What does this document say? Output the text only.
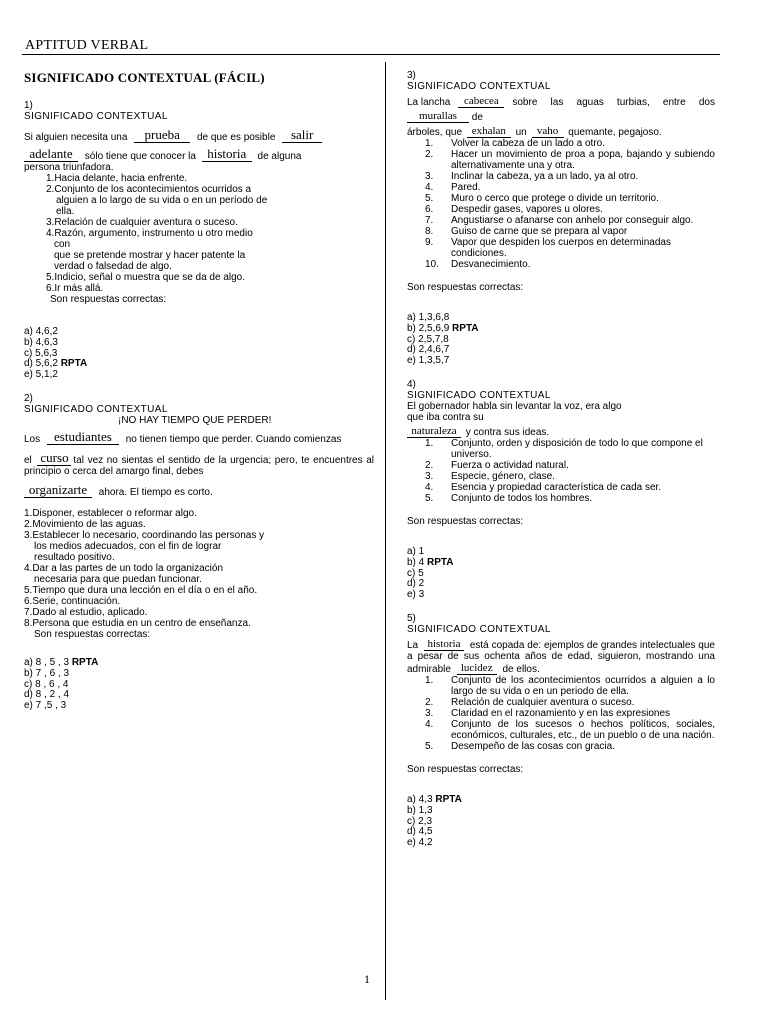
APTITUD VERBAL
1
SIGNIFICADO CONTEXTUAL (FÁCIL)
1)
SIGNIFICADO CONTEXTUAL
Si alguien necesita una	prueba	de que es posible	salir
adelante	sólo tiene que conocer la historia	de alguna
persona triunfadora.
1.Hacia delante, hacia enfrente.
2.Conjunto de los acontecimientos ocurridos a
alguien a lo largo de su vida o en un período de
ella.
3.Relación de cualquier aventura o suceso.
4.Razón, argumento, instrumento u otro medio
con
que se pretende mostrar y hacer patente la
verdad o falsedad de algo.
5.Indicio, señal o muestra que se da de algo.
6.Ir más allá.
Son respuestas correctas:
a) 4,6,2
b) 4,6,3
c) 5,6,3
d) 5,6,2 RPTA
e) 5,1,2
2)
SIGNIFICADO CONTEXTUAL
¡NO HAY TIEMPO QUE PERDER!
Los	estudiantes	no tienen tiempo que perder. Cuando comienzas
el curso tal vez no sientas el sentido de la urgencia; pero, te encuentres al principio o cerca del amargo final, debes
organizarte	ahora. El tiempo es corto.
1.Disponer, establecer o reformar algo.
2.Movimiento de las aguas.
3.Establecer lo necesario, coordinando las personas y
los medios adecuados, con el fin de lograr
resultado positivo.
4.Dar a las partes de un todo la organización
necesaria para que puedan funcionar.
5.Tiempo que dura una lección en el día o en el año.
6.Serie, continuación.
7.Dado al estudio, aplicado.
8.Persona que estudia en un centro de enseñanza.
Son respuestas correctas:
a) 8 , 5 , 3 RPTA
b) 7 , 6 , 3
c) 8 , 6 , 4
d) 8 , 2 , 4
e) 7 ,5 , 3
3)
SIGNIFICADO CONTEXTUAL
La lancha	cabecea	sobre las aguas turbias, entre dos
murallas	de
árboles, que exhalan un vaho	quemante, pegajoso.
1.	Volver la cabeza de un lado a otro.
2.	Hacer un movimiento de proa a popa, bajando y subiendo alternativamente una y otra.
3.	Inclinar la cabeza, ya a un lado, ya al otro.
4.	Pared.
5.	Muro o cerco que protege o divide un territorio.
6.	Despedir gases, vapores u olores.
7.	Angustiarse o afanarse con anhelo por conseguir algo.
8.	Guiso de carne que se prepara al vapor
9.	Vapor que despiden los cuerpos en determinadas condiciones.
10.	Desvanecimiento.
Son respuestas correctas:
a) 1,3,6,8
b) 2,5,6,9 RPTA
c) 2,5,7,8
d) 2,4,6,7
e) 1,3,5,7
4)
SIGNIFICADO CONTEXTUAL
El gobernador habla sin levantar la voz, era algo
que iba contra su
naturaleza y contra sus ideas.
1.	Conjunto, orden y disposición de todo lo que compone el universo.
2.	Fuerza o actividad natural.
3.	Especie, género, clase.
4.	Esencia y propiedad característica de cada ser.
5.	Conjunto de todos los hombres.
Son respuestas correctas:
a) 1
b) 4 RPTA
c) 5
d) 2
e) 3
5)
SIGNIFICADO CONTEXTUAL
La historia está copada de: ejemplos de grandes intelectuales que a pesar de sus ochenta años de edad, siguieron, mostrando una admirable lucidez de ellos.
1.	Conjunto de los acontecimientos ocurridos a alguien a lo largo de su vida o en un periodo de ella.
2.	Relación de cualquier aventura o suceso.
3.	Claridad en el razonamiento y en las expresiones
4.	Conjunto de los sucesos o hechos políticos, sociales, económicos, culturales, etc., de un pueblo o de una nación.
5.	Desempeño de las cosas con gracia.
Son respuestas correctas:
a) 4,3 RPTA
b) 1,3
c) 2,3
d) 4,5
e) 4,2
